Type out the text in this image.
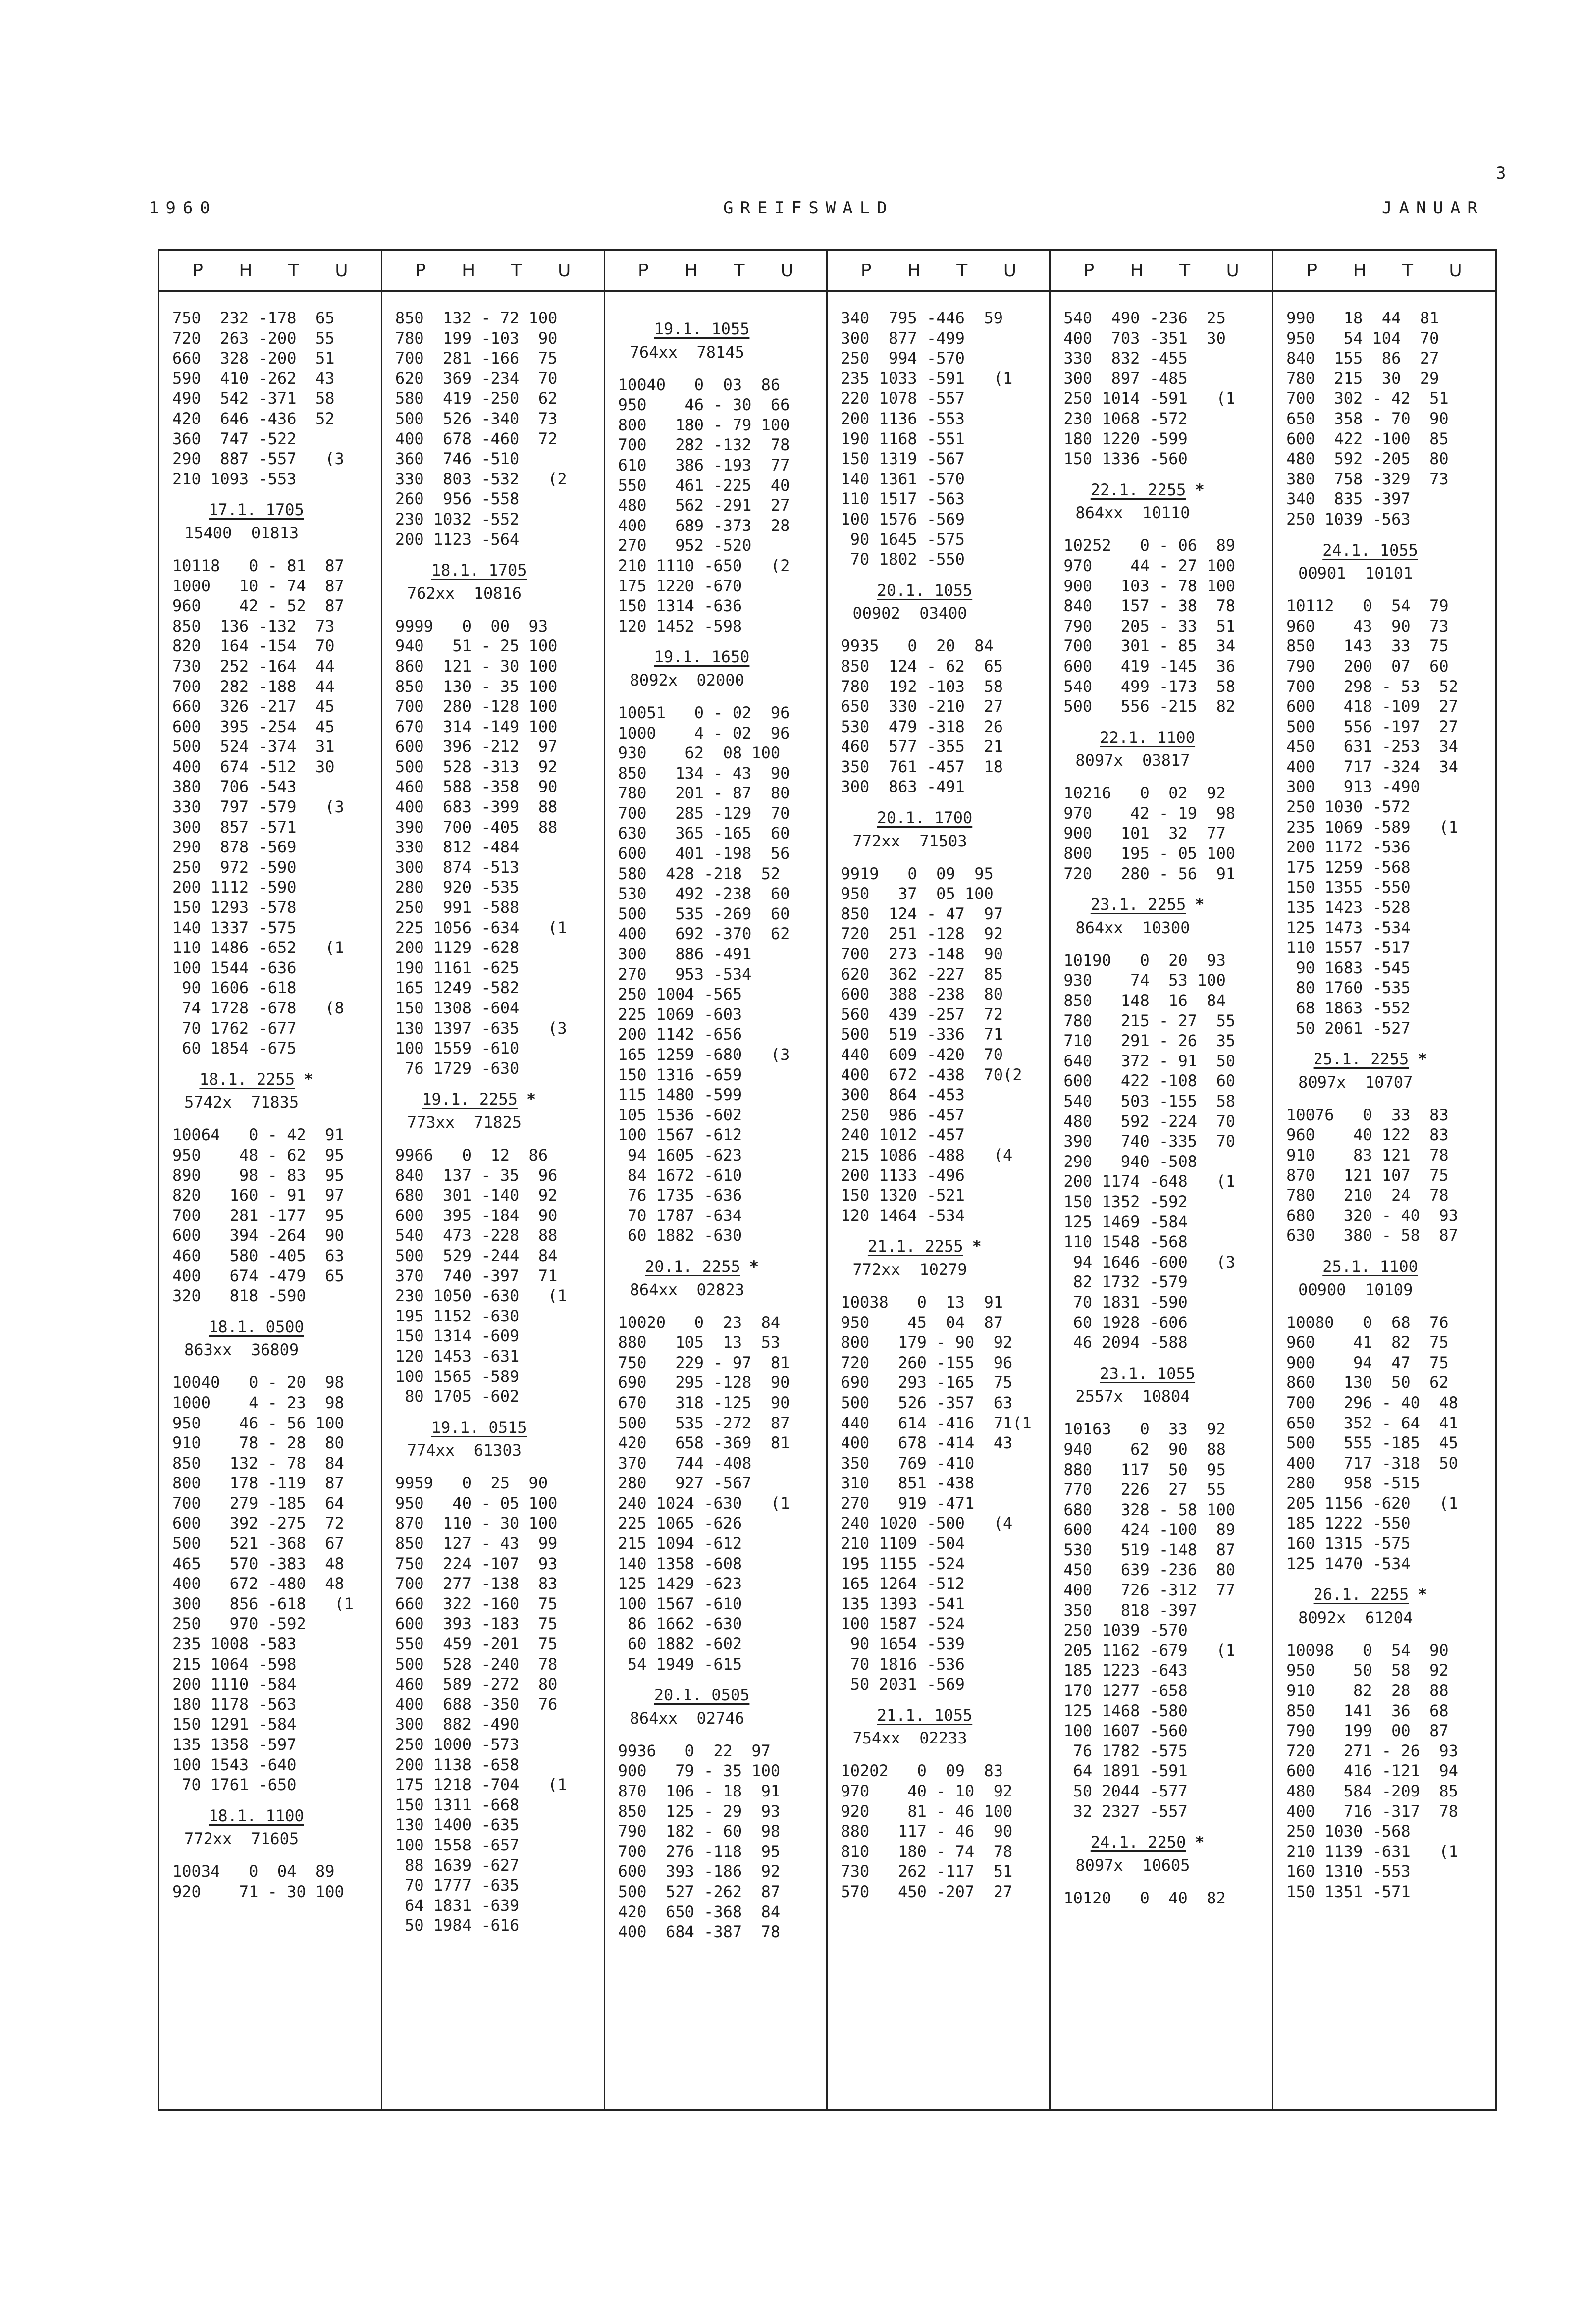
1960	GREIFSWALD	JANUAR
3
P H T U
750  232 -178  65
720  263 -200  55
660  328 -200  51
590  410 -262  43
490  542 -371  58
420  646 -436  52
360  747 -522
290  887 -557   (3
210 1093 -553
17.1. 1705
15400  01813
10118   0 - 81  87
1000   10 - 74  87
960    42 - 52  87
850  136 -132  73
820  164 -154  70
730  252 -164  44
700  282 -188  44
660  326 -217  45
600  395 -254  45
500  524 -374  31
400  674 -512  30
380  706 -543
330  797 -579   (3
300  857 -571
290  878 -569
250  972 -590
200 1112 -590
150 1293 -578
140 1337 -575
110 1486 -652   (1
100 1544 -636
90 1606 -618
74 1728 -678   (8
70 1762 -677
60 1854 -675
18.1. 2255 *
5742x  71835
10064   0 - 42  91
950    48 - 62  95
890    98 - 83  95
820   160 - 91  97
700   281 -177  95
600   394 -264  90
460   580 -405  63
400   674 -479  65
320   818 -590
18.1. 0500
863xx  36809
10040   0 - 20  98
1000    4 - 23  98
950    46 - 56 100
910    78 - 28  80
850   132 - 78  84
800   178 -119  87
700   279 -185  64
600   392 -275  72
500   521 -368  67
465   570 -383  48
400   672 -480  48
300   856 -618   (1
250   970 -592
235 1008 -583
215 1064 -598
200 1110 -584
180 1178 -563
150 1291 -584
135 1358 -597
100 1543 -640
70 1761 -650
18.1. 1100
772xx  71605
10034   0  04  89
920    71 - 30 100
P H T U
850  132 - 72 100
780  199 -103  90
700  281 -166  75
620  369 -234  70
580  419 -250  62
500  526 -340  73
400  678 -460  72
360  746 -510
330  803 -532   (2
260  956 -558
230 1032 -552
200 1123 -564
18.1. 1705
762xx  10816
9999   0  00  93
940   51 - 25 100
860  121 - 30 100
850  130 - 35 100
700  280 -128 100
670  314 -149 100
600  396 -212  97
500  528 -313  92
460  588 -358  90
400  683 -399  88
390  700 -405  88
330  812 -484
300  874 -513
280  920 -535
250  991 -588
225 1056 -634   (1
200 1129 -628
190 1161 -625
165 1249 -582
150 1308 -604
130 1397 -635   (3
100 1559 -610
76 1729 -630
19.1. 2255 *
773xx  71825
9966   0  12  86
840  137 - 35  96
680  301 -140  92
600  395 -184  90
540  473 -228  88
500  529 -244  84
370  740 -397  71
230 1050 -630   (1
195 1152 -630
150 1314 -609
120 1453 -631
100 1565 -589
80 1705 -602
19.1. 0515
774xx  61303
9959   0  25  90
950   40 - 05 100
870  110 - 30 100
850  127 - 43  99
750  224 -107  93
700  277 -138  83
660  322 -160  75
600  393 -183  75
550  459 -201  75
500  528 -240  78
460  589 -272  80
400  688 -350  76
300  882 -490
250 1000 -573
200 1138 -658
175 1218 -704   (1
150 1311 -668
130 1400 -635
100 1558 -657
88 1639 -627
70 1777 -635
64 1831 -639
50 1984 -616
P H T U
19.1. 1055
764xx  78145
10040   0  03  86
950    46 - 30  66
800   180 - 79 100
700   282 -132  78
610   386 -193  77
550   461 -225  40
480   562 -291  27
400   689 -373  28
270   952 -520
210 1110 -650   (2
175 1220 -670
150 1314 -636
120 1452 -598
19.1. 1650
8092x  02000
10051   0 - 02  96
1000    4 - 02  96
930    62  08 100
850   134 - 43  90
780   201 - 87  80
700   285 -129  70
630   365 -165  60
600   401 -198  56
580  428 -218  52
530   492 -238  60
500   535 -269  60
400   692 -370  62
300   886 -491
270   953 -534
250 1004 -565
225 1069 -603
200 1142 -656
165 1259 -680   (3
150 1316 -659
115 1480 -599
105 1536 -602
100 1567 -612
94 1605 -623
84 1672 -610
76 1735 -636
70 1787 -634
60 1882 -630
20.1. 2255 *
864xx  02823
10020   0  23  84
880   105  13  53
750   229 - 97  81
690   295 -128  90
670   318 -125  90
500   535 -272  87
420   658 -369  81
370   744 -408
280   927 -567
240 1024 -630   (1
225 1065 -626
215 1094 -612
140 1358 -608
125 1429 -623
100 1567 -610
86 1662 -630
60 1882 -602
54 1949 -615
20.1. 0505
864xx  02746
9936   0  22  97
900   79 - 35 100
870  106 - 18  91
850  125 - 29  93
790  182 - 60  98
700  276 -118  95
600  393 -186  92
500  527 -262  87
420  650 -368  84
400  684 -387  78
P H T U
340  795 -446  59
300  877 -499
250  994 -570
235 1033 -591   (1
220 1078 -557
200 1136 -553
190 1168 -551
150 1319 -567
140 1361 -570
110 1517 -563
100 1576 -569
90 1645 -575
70 1802 -550
20.1. 1055
00902  03400
9935   0  20  84
850  124 - 62  65
780  192 -103  58
650  330 -210  27
530  479 -318  26
460  577 -355  21
350  761 -457  18
300  863 -491
20.1. 1700
772xx  71503
9919   0  09  95
950   37  05 100
850  124 - 47  97
720  251 -128  92
700  273 -148  90
620  362 -227  85
600  388 -238  80
560  439 -257  72
500  519 -336  71
440  609 -420  70
400  672 -438  70(2
300  864 -453
250  986 -457
240 1012 -457
215 1086 -488   (4
200 1133 -496
150 1320 -521
120 1464 -534
21.1. 2255 *
772xx  10279
10038   0  13  91
950    45  04  87
800   179 - 90  92
720   260 -155  96
690   293 -165  75
500   526 -357  63
440   614 -416  71(1
400   678 -414  43
350   769 -410
310   851 -438
270   919 -471
240 1020 -500   (4
210 1109 -504
195 1155 -524
165 1264 -512
135 1393 -541
100 1587 -524
90 1654 -539
70 1816 -536
50 2031 -569
21.1. 1055
754xx  02233
10202   0  09  83
970    40 - 10  92
920    81 - 46 100
880   117 - 46  90
810   180 - 74  78
730   262 -117  51
570   450 -207  27
P H T U
540  490 -236  25
400  703 -351  30
330  832 -455
300  897 -485
250 1014 -591   (1
230 1068 -572
180 1220 -599
150 1336 -560
22.1. 2255 *
864xx  10110
10252   0 - 06  89
970    44 - 27 100
900   103 - 78 100
840   157 - 38  78
790   205 - 33  51
700   301 - 85  34
600   419 -145  36
540   499 -173  58
500   556 -215  82
22.1. 1100
8097x  03817
10216   0  02  92
970    42 - 19  98
900   101  32  77
800   195 - 05 100
720   280 - 56  91
23.1. 2255 *
864xx  10300
10190   0  20  93
930    74  53 100
850   148  16  84
780   215 - 27  55
710   291 - 26  35
640   372 - 91  50
600   422 -108  60
540   503 -155  58
480   592 -224  70
390   740 -335  70
290   940 -508
200 1174 -648   (1
150 1352 -592
125 1469 -584
110 1548 -568
94 1646 -600   (3
82 1732 -579
70 1831 -590
60 1928 -606
46 2094 -588
23.1. 1055
2557x  10804
10163   0  33  92
940    62  90  88
880   117  50  95
770   226  27  55
680   328 - 58 100
600   424 -100  89
530   519 -148  87
450   639 -236  80
400   726 -312  77
350   818 -397
250 1039 -570
205 1162 -679   (1
185 1223 -643
170 1277 -658
125 1468 -580
100 1607 -560
76 1782 -575
64 1891 -591
50 2044 -577
32 2327 -557
24.1. 2250 *
8097x  10605
10120   0  40  82
P H T U
990   18  44  81
950   54 104  70
840  155  86  27
780  215  30  29
700  302 - 42  51
650  358 - 70  90
600  422 -100  85
480  592 -205  80
380  758 -329  73
340  835 -397
250 1039 -563
24.1. 1055
00901  10101
10112   0  54  79
960    43  90  73
850   143  33  75
790   200  07  60
700   298 - 53  52
600   418 -109  27
500   556 -197  27
450   631 -253  34
400   717 -324  34
300   913 -490
250 1030 -572
235 1069 -589   (1
200 1172 -536
175 1259 -568
150 1355 -550
135 1423 -528
125 1473 -534
110 1557 -517
90 1683 -545
80 1760 -535
68 1863 -552
50 2061 -527
25.1. 2255 *
8097x  10707
10076   0  33  83
960    40 122  83
910    83 121  78
870   121 107  75
780   210  24  78
680   320 - 40  93
630   380 - 58  87
25.1. 1100
00900  10109
10080   0  68  76
960    41  82  75
900    94  47  75
860   130  50  62
700   296 - 40  48
650   352 - 64  41
500   555 -185  45
400   717 -318  50
280   958 -515
205 1156 -620   (1
185 1222 -550
160 1315 -575
125 1470 -534
26.1. 2255 *
8092x  61204
10098   0  54  90
950    50  58  92
910    82  28  88
850   141  36  68
790   199  00  87
720   271 - 26  93
600   416 -121  94
480   584 -209  85
400   716 -317  78
250 1030 -568
210 1139 -631   (1
160 1310 -553
150 1351 -571
